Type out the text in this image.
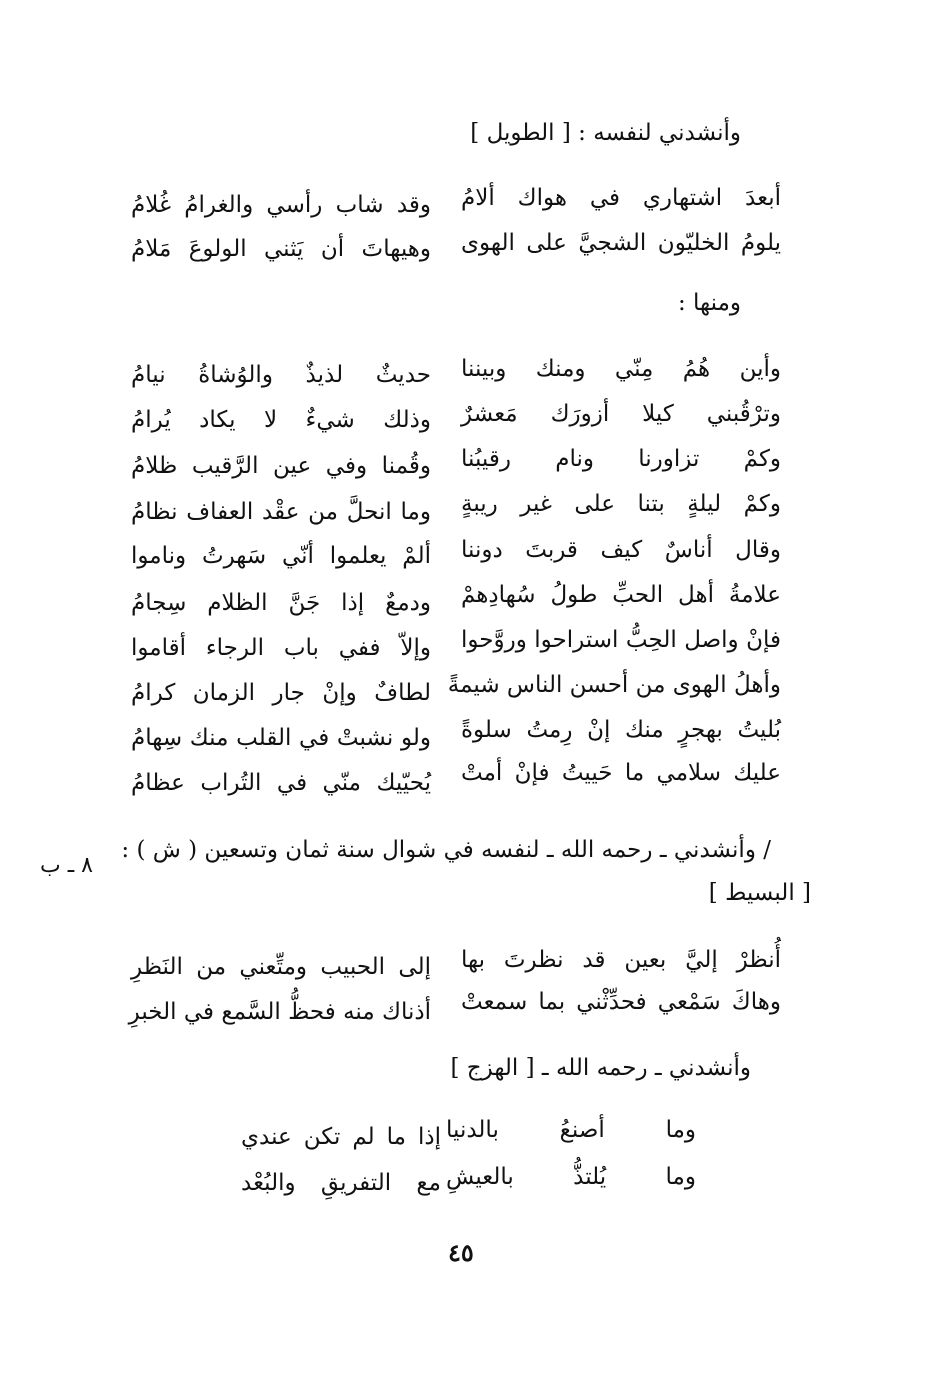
وأنشدني لنفسه : [ الطويل ]
أبعدَ اشتهاري في هواك ألامُ
وقد شاب رأسي والغرامُ غُلامُ
يلومُ الخليّون الشجيَّ على الهوى
وهيهاتَ أن يَثني الولوعَ مَلامُ
ومنها :
وأين هُمُ مِنّي ومنك وبيننا
حديثٌ لذيذٌ والوُشاةُ نيامُ
وترْقُبني كيلا أزورَك مَعشرٌ
وذلك شيءٌ لا يكاد يُرامُ
وكمْ تزاورنا ونام رقيبُنا
وقُمنا وفي عين الرَّقيب ظلامُ
وكمْ ليلةٍ بتنا على غير ريبةٍ
وما انحلَّ من عقْد العفاف نظامُ
وقال أناسٌ كيف قربتَ دوننا
ألمْ يعلموا أنّي سَهرتُ وناموا
علامةُ أهل الحبِّ طولُ سُهادِهمْ
ودمعٌ إذا جَنَّ الظلام سِجامُ
فإنْ واصل الحِبُّ استراحوا وروَّحوا
وإلاّ ففي باب الرجاء أقاموا
وأهلُ الهوى من أحسن الناس شيمةً
لطافٌ وإنْ جار الزمان كرامُ
بُليتُ بهجرٍ منك إنْ رِمتُ سلوةً
ولو نشبتْ في القلب منك سِهامُ
عليك سلامي ما حَييتُ فإنْ أمتْ
يُحيّيك منّي في التُراب عظامُ
/ وأنشدني ـ رحمه الله ـ لنفسه في شوال سنة ثمان وتسعين ( ش ) :
[ البسيط ]
٨ ـ ب
أُنظرْ إليَّ بعين قد نظرتَ بها
إلى الحبيب ومتِّعني من النَظرِ
وهاكَ سَمْعي فحدِّثْني بما سمعتْ
أذناك منه فحظُّ السَّمع في الخبرِ
وأنشدني ـ رحمه الله ـ [ الهزج ]
وما أصنعُ بالدنيا
إذا ما لم تكن عندي
وما يُلتذُّ بالعيشِ
مع التفريقِ والبُعْد
٤٥
